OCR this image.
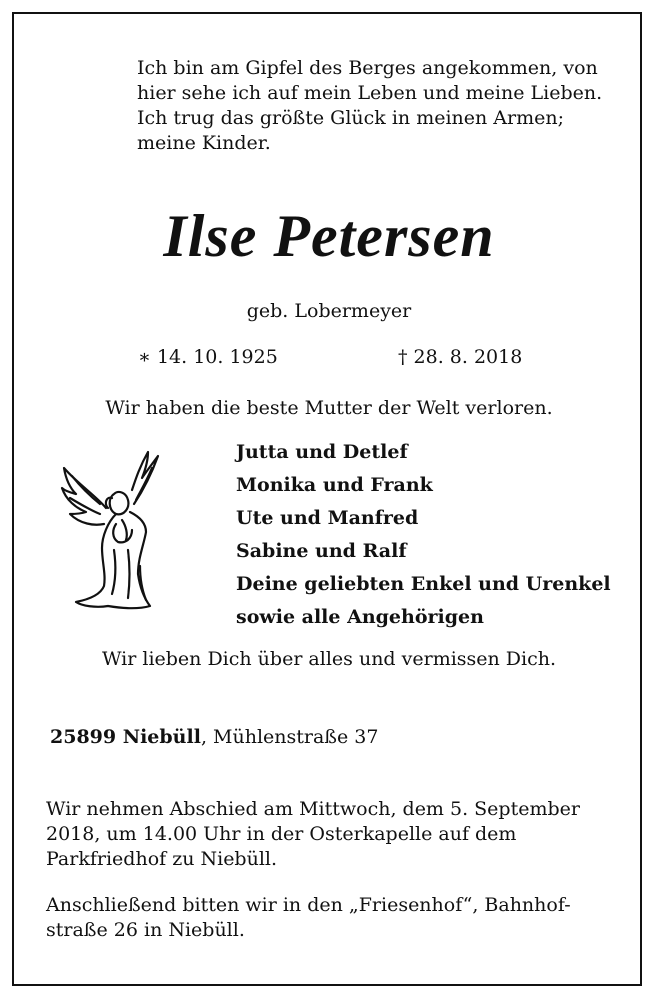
Ich bin am Gipfel des Berges angekommen, von
hier sehe ich auf mein Leben und meine Lieben.
Ich trug das größte Glück in meinen Armen;
meine Kinder.
Ilse Petersen
geb. Lobermeyer
∗ 14. 10. 1925	† 28. 8. 2018
Wir haben die beste Mutter der Welt verloren.
Jutta und Detlef
Monika und Frank
Ute und Manfred
Sabine und Ralf
Deine geliebten Enkel und Urenkel
sowie alle Angehörigen
Wir lieben Dich über alles und vermissen Dich.
25899 Niebüll, Mühlenstraße 37
Wir nehmen Abschied am Mittwoch, dem 5. September
2018, um 14.00 Uhr in der Osterkapelle auf dem
Parkfriedhof zu Niebüll.
Anschließend bitten wir in den „Friesenhof“, Bahnhof-
straße 26 in Niebüll.
